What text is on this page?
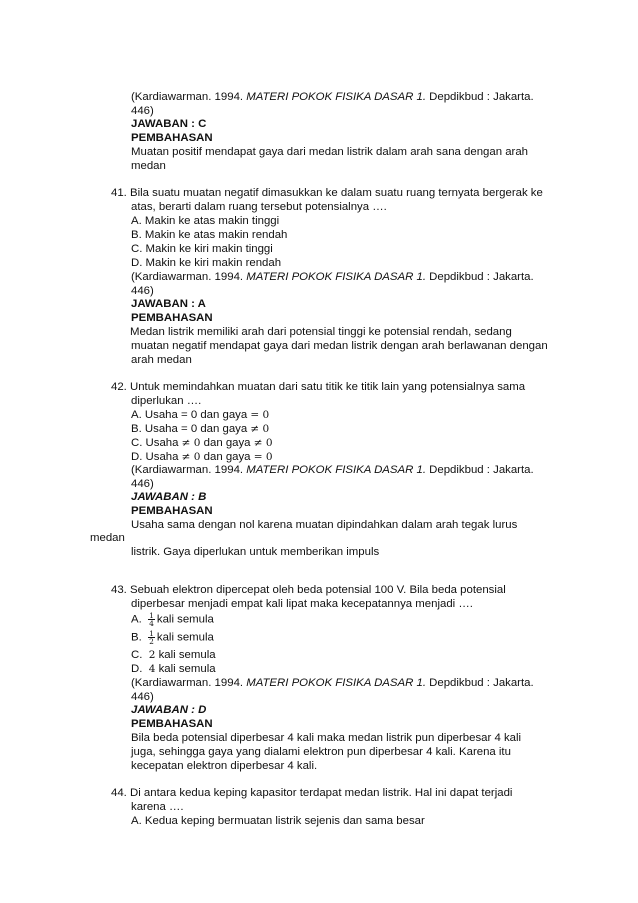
(Kardiawarman. 1994. MATERI POKOK FISIKA DASAR 1. Depdikbud : Jakarta.
446)
JAWABAN : C
PEMBAHASAN
Muatan positif mendapat gaya dari medan listrik dalam arah sana dengan arah
medan
41. Bila suatu muatan negatif dimasukkan ke dalam suatu ruang ternyata bergerak ke
atas, berarti dalam ruang tersebut potensialnya ….
A. Makin ke atas makin tinggi
B. Makin ke atas makin rendah
C. Makin ke kiri makin tinggi
D. Makin ke kiri makin rendah
(Kardiawarman. 1994. MATERI POKOK FISIKA DASAR 1. Depdikbud : Jakarta.
446)
JAWABAN : A
PEMBAHASAN
Medan listrik memiliki arah dari potensial tinggi ke potensial rendah, sedang
muatan negatif mendapat gaya dari medan listrik dengan arah berlawanan dengan
arah medan
42. Untuk memindahkan muatan dari satu titik ke titik lain yang potensialnya sama
diperlukan ….
A. Usaha = 0 dan gaya = 0
B. Usaha = 0 dan gaya ≠ 0
C. Usaha ≠ 0 dan gaya ≠ 0
D. Usaha ≠ 0 dan gaya = 0
(Kardiawarman. 1994. MATERI POKOK FISIKA DASAR 1. Depdikbud : Jakarta.
446)
JAWABAN : B
PEMBAHASAN
Usaha sama dengan nol karena muatan dipindahkan dalam arah tegak lurus
medan
listrik. Gaya diperlukan untuk memberikan impuls
43. Sebuah elektron dipercepat oleh beda potensial 100 V. Bila beda potensial
diperbesar menjadi empat kali lipat maka kecepatannya menjadi ….
A. $\frac{1}{4}$ kali semula
B. $\frac{1}{2}$ kali semula
C. 2 kali semula
D. 4 kali semula
(Kardiawarman. 1994. MATERI POKOK FISIKA DASAR 1. Depdikbud : Jakarta.
446)
JAWABAN : D
PEMBAHASAN
Bila beda potensial diperbesar 4 kali maka medan listrik pun diperbesar 4 kali
juga, sehingga gaya yang dialami elektron pun diperbesar 4 kali. Karena itu
kecepatan elektron diperbesar 4 kali.
44. Di antara kedua keping kapasitor terdapat medan listrik. Hal ini dapat terjadi
karena ….
A. Kedua keping bermuatan listrik sejenis dan sama besar
